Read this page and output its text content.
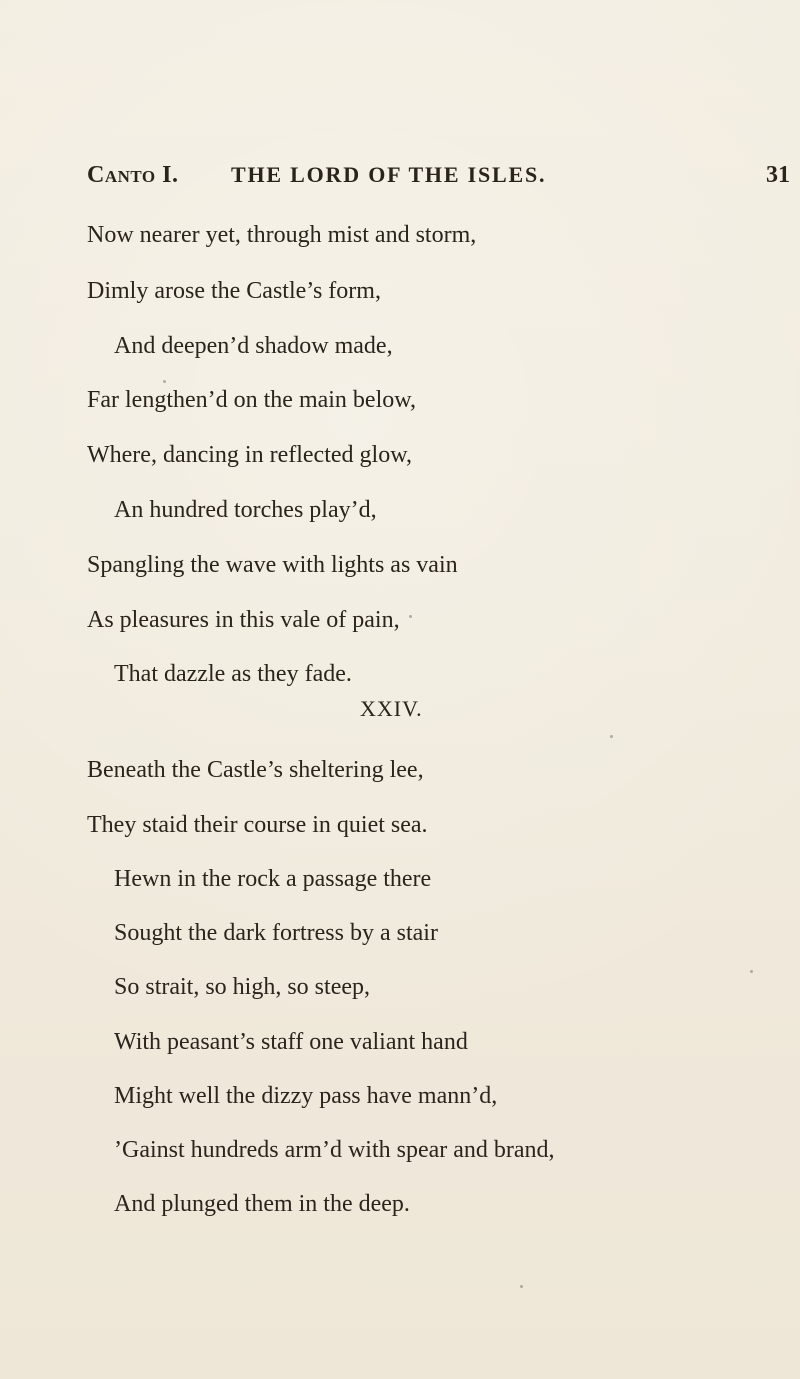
Canto I. THE LORD OF THE ISLES.	31
Now nearer yet, through mist and storm,
Dimly arose the Castle’s form,
And deepen’d shadow made,
Far lengthen’d on the main below,
Where, dancing in reflected glow,
An hundred torches play’d,
Spangling the wave with lights as vain
As pleasures in this vale of pain,
That dazzle as they fade.
XXIV.
Beneath the Castle’s sheltering lee,
They staid their course in quiet sea.
Hewn in the rock a passage there
Sought the dark fortress by a stair
So strait, so high, so steep,
With peasant’s staff one valiant hand
Might well the dizzy pass have mann’d,
’Gainst hundreds arm’d with spear and brand,
And plunged them in the deep.
